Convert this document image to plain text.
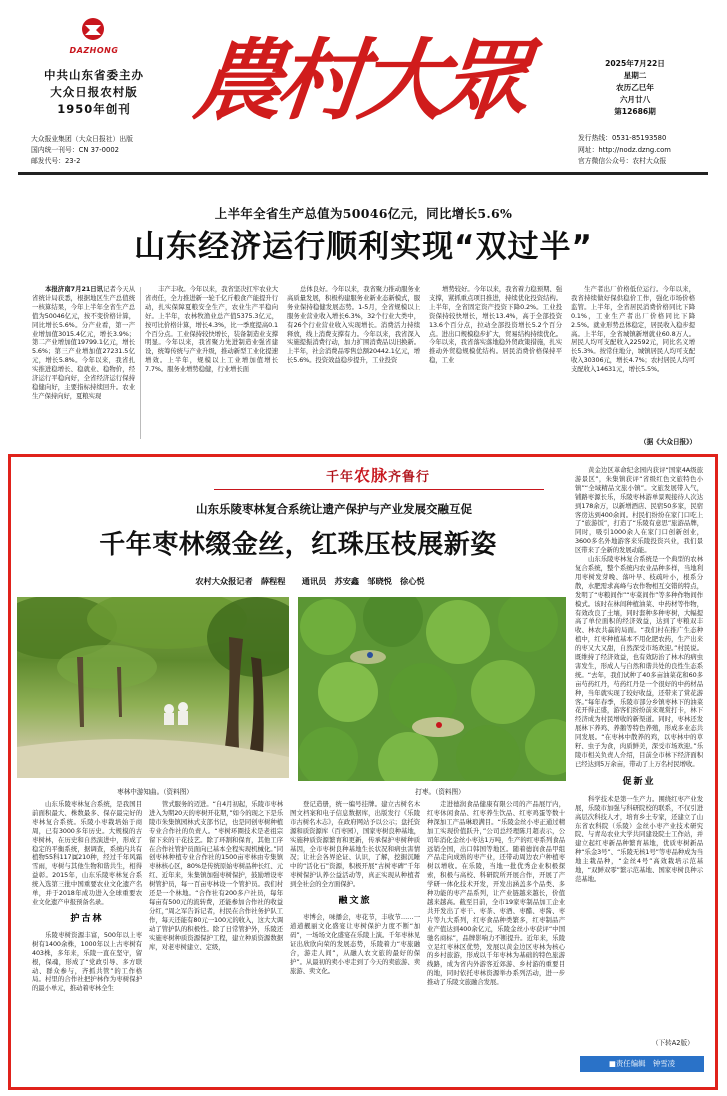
DAZHONG
中共山东省委主办
大众日报农村版
1950年创刊
大众报业集团（大众日报社）出版
国内统一刊号：CN 37-0002
邮发代号：23-2
農村大眾	2025年7月22日
星期二
农历乙巳年
六月廿八
第12686期
发行热线：0531-85193580
网址：http://nodz.dzng.com
官方微信公众号：农村大众报
上半年全省生产总值为50046亿元，同比增长5.6%
山东经济运行顺利实现“双过半”

本报济南7月21日讯记者今天从省统计局获悉，根据地区生产总值统一核算结果，今年上半年全省生产总值为50046亿元，按不变价格计算，同比增长5.6%。分产业看，第一产业增加值3015.4亿元，增长3.9%；第二产业增加值19799.1亿元，增长5.6%；第三产业增加值27231.5亿元，增长5.8%。今年以来，我省扎实推进稳增长、稳就业、稳物价，经济运行平稳向好，全省经济运行保持稳健向好，主要指标持续回升。农业生产保持向好，夏粮实现

丰产丰收。今年以来，我省坚决扛牢农业大省责任，全力推进新一轮千亿斤粮食产能提升行动，扎实保障夏粮安全生产，农业生产平稳向好。上半年，农林牧渔业总产值5375.3亿元，按可比价格计算，增长4.3%，比一季度提高0.1个百分点。工业保持较快增长，装备制造业支撑明显。今年以来，我省聚力先进制造业强省建设，统筹传统与产业升级，推动新型工业化提速增效。上半年，规模以上工业增加值增长7.7%。服务业增势稳健，行业增长面

总体良好。今年以来，我省聚力推动服务业高质量发展，积极构建服务业新业态新模式，服务业保持稳健发展态势。1-5月，全省规模以上服务业营业收入增长6.3%，32个行业大类中，有26个行业营业收入实现增长。消费活力持续释放，线上消费支撑有力。今年以来，我省深入实施提振消费行动，加力扩围消费品以旧换新。上半年，社会消费品零售总额20442.1亿元，增长5.6%。投资效益稳步提升，工业投资

增势较好。今年以来，我省着力稳预期、强支撑，紧抓重点项目推进，持续优化投资结构。上半年，全省固定资产投资下降0.2%。工业投资保持较快增长，增长13.4%，高于全部投资13.6个百分点，拉动全部投资增长5.2个百分点。进出口规模稳步扩大，贸易结构持续优化。今年以来，我省落实落地稳外贸政策措施，扎实推动外贸稳规模优结构。居民消费价格保持平稳，工业

生产者出厂价格低位运行。今年以来，我省持续做好保供稳价工作，强化市场价格监管。上半年，全省居民消费价格同比下降0.1%，工业生产者出厂价格同比下降2.5%。就业形势总体稳定，居民收入稳步提高。上半年，全省城镇新增就业60.8万人。居民人均可支配收入22592元，同比名义增长5.3%。按常住地分，城镇居民人均可支配收入30306元，增长4.7%；农村居民人均可支配收入14631元，增长5.5%。

（据《大众日报》）
千年农脉齐鲁行
山东乐陵枣林复合系统让遗产保护与产业发展交融互促
千年枣林缀金丝，红珠压枝展新姿
农村大众报记者　薛程程　　通讯员　苏安鑫　邹晓悦　徐心悦
枣林中游知曲。（资料图）	打枣。（资料图）

山东乐陵枣林复合系统，是我国目前面积最大、株数最多、保存最完好的枣林复合系统。乐陵小枣栽培始于商周，已有3000多年历史。大规模的古枣树林，在历史和自然演进中，形成了稳定的平衡系统，据调查，系统内共有植物55科117属210种，经过千年风霜雪雨，枣树与其他生物和谐共生，相得益彰。2015年，山东乐陵枣林复合系统入选第三批中国重要农业文化遗产名单，并于2018年成功进入全球重要农业文化遗产申报预备名录。

护古林

乐陵枣树资源丰富，500年以上枣树有1400余株，1000年以上古枣树有403株，多年来，乐陵一直在坚守，留根，保魂，形成了“党政引导、多方联动、群众参与，齐抓共管”的工作格局。村里的合作社把护林作为枣树保护的最小单元，推动着枣林全生

管式服务的迈进。“自4月初起，乐陵市枣林进入为期20天的枣树开花期，”如今的现之下是乐陵市朱集镇园林式支部书记，也是同创枣树种植专业合作社的负责人。“枣树环圈技术是老祖宗留下来的干花技艺。除了环割和保育，其他工序在合作社管护员面向已基本全程实现机械化。”同创枣林种植专业合作社的1500亩枣林由专集镇枣林核心区，80%是传统原始枣树品种长红、元红、近年来，朱集镇加强枣树保护，鼓励增设枣树管护员，每一百亩枣林设一个管护员。我们村还是一个林地。“合作社有200多户社员，每年每亩有500元的流转费，还能参加合作社的收益分红，”周之军告诉记者，村民在合作社务护队工作，每天还能有80元一100元的收入，这大大调动了管护队的积极性。除了日常管护外，乐陵还实施枣树种质资源保护工程，建立种质资源数据库，对老枣树建立、定级，

登记造册，统一编号挂牌。建立古树名木图文档案和电子信息数据库，出版发行《乐陵市古树名木志》，在政府网站予以公示；盘托资源和质资源库（百枣园），国家枣树良种基地，实施种质资源繁育和更新，传承保护枣树种质基因，全市枣树良种基地生长状况和病虫害情况；让社会各界论证、认识，了解，挖掘沉睡中的“活化石”资源，积极开展“古树枣碑”千年枣树保护认养公益活动等，真正实现从种植者到全社会的全方面保护。

融文旅

枣博会，味播会，枣花节，丰收节……一道道靓丽文化盛宴让枣树保护力度不断“加码”，一场场文化盛宴在乐陵上演。千年枣林见证出欣欣向荣的发展态势，乐陵着力“枣旅融合，游走人间”，从融人农文旅的最好的保护”。从最初的卖小枣走到了今天的卖旅游、卖旅游、卖文化。

走进德润食品健康有限公司的产品展厅内，红枣休闲食品、红枣养生饮品、红枣鸡蛋等数十种深加工产品琳琅满目。“乐陵金丝小枣正通过精加工实现价值跃升，”公司总经理陈月超表示，公司年消化金丝小枣达1万吨，生产的红枣系列食品远销全国，出口韩国等地区。随着德润食品甲组产品走向成熟的枣产业，还带动周边农户种植枣树以增收。在乐陵，当地一批优秀企业积极探索，积极与高校、科研院所开展合作，开展了产学研一体化技术开发，开发出涵盖多个品类、多种功能的枣产品系列，让产业链越来越长，价值越来越高。截至目前，全市19家枣制品加工企业共开发出了枣干、枣茶、枣酒、枣醋、枣酱、枣片等九大系列，红枣食品种类繁多，红枣制品产业产值达到400余亿元，乐陵金丝小枣获评“中国驰名商标”，品牌影响力不断提升。近年来，乐陵立足红枣林区优势，发展以黄金边区枣林为核心的乡村旅游，形成以千年枣林为基础的特色旅游线路，成为省内外游客近郊游、乡村游的重要目的地，同时依托枣林资源举办系列活动，进一步推动了乐陵文旅融合发展。

黄金边区革命纪念园内获评“国家4A级旅游景区”，朱集镇获评“省级红色文旅特色小镇”“全域精品文旅小镇”。文旅发展带入气，铺路枣源长乐，乐陵枣林游单景观接待人次达到178余万，以新增酒店、民宿50多家，民宿客房达到400余间。村民们纷纷在家门口吃上了“旅游饭”，打造了“乐陵有意思”旅游品牌，同时，吸引1000余人在家门口创新创业，3600多名外地游客来乐陵投资兴业，我们景区带来了全新的发展动能。

山东乐陵枣林复合系统是一个典型的农林复合系统，整个系统内农业品种多样，当地利用枣树发芽晚、落叶早、枝疏叶小，根系分散，水肥需求高峰与农作物相互交错的特点，发明了“枣粮间作”“枣菜间作”等多种作物间作模式。该时在林间种植油菜、中药材等作物，有效改良了土壤，同时套种多种枣树，大幅提高了单位面积的经济效益，达到了枣粮双丰收、林农共赢的局面。“我们村在推广生态种植中，红枣种植基本不用化肥农药，生产出来的枣又大又甜，自然深受市场欢迎。”村民说。既维持了经济效益，也有效防治了林木的病虫害发生，形成人与自然和谐共处的良性生态系统。“去年，我们试种了40多亩油菜花和60多亩芍药红丹，芍药红丹是一个很好的中药材品种，当年就实现了较好收益，还带来了赏花游客。”每年春季，乐陵市部分乡镇枣林下的油菜花开得正盛，游客们纷纷前来观赏打卡，林下经济成为村民增收的新渠道。同时，枣林还发展林下养鸡、养鹅等特色养殖，形成多业态共同发展。“在枣林中散养的鸡，以枣林中的草籽、虫子为食，肉质鲜美，深受市场欢迎。”乐陵市相关负责人介绍，目前全市林下经济面积已经达到5万余亩，带动了上万名村民增收。

促新业

科学技术是第一生产力。围绕红枣产业发展，乐陵市加强与科研院校的联系，不仅引进高层次科技人才，培育乡土专家，还建立了山东省农科院（乐陵）金丝小枣产业技术研究院、与青岛农业大学共同建设院士工作站，并建立起红枣新品种繁育基地，优质枣树新品种“乐金3号”、“乐陵无核1号”等枣品种成为当地主栽品种，“金丝4号”高效栽培示范基地，“双鲜双零”繁示范基地、国家枣树良种示范基地。

（下转A2版）
■责任编辑　钟雪凌
